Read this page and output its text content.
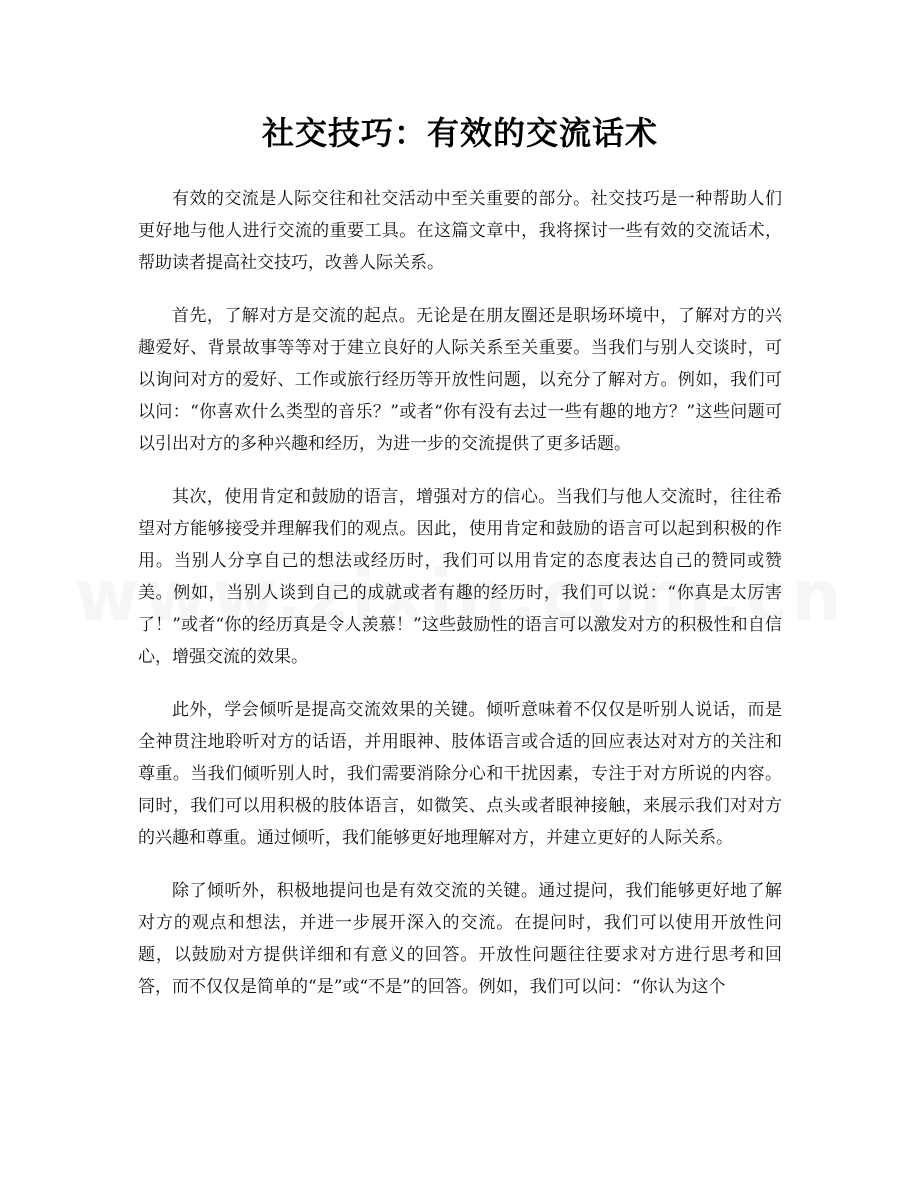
社交技巧：有效的交流话术

有效的交流是人际交往和社交活动中至关重要的部分。社交技巧是一种帮助人们更好地与他人进行交流的重要工具。在这篇文章中，我将探讨一些有效的交流话术，帮助读者提高社交技巧，改善人际关系。

首先，了解对方是交流的起点。无论是在朋友圈还是职场环境中，了解对方的兴趣爱好、背景故事等等对于建立良好的人际关系至关重要。当我们与别人交谈时，可以询问对方的爱好、工作或旅行经历等开放性问题，以充分了解对方。例如，我们可以问：“你喜欢什么类型的音乐？”或者“你有没有去过一些有趣的地方？”这些问题可以引出对方的多种兴趣和经历，为进一步的交流提供了更多话题。

其次，使用肯定和鼓励的语言，增强对方的信心。当我们与他人交流时，往往希望对方能够接受并理解我们的观点。因此，使用肯定和鼓励的语言可以起到积极的作用。当别人分享自己的想法或经历时，我们可以用肯定的态度表达自己的赞同或赞美。例如，当别人谈到自己的成就或者有趣的经历时，我们可以说：“你真是太厉害了！”或者“你的经历真是令人羡慕！”这些鼓励性的语言可以激发对方的积极性和自信心，增强交流的效果。

此外，学会倾听是提高交流效果的关键。倾听意味着不仅仅是听别人说话，而是全神贯注地聆听对方的话语，并用眼神、肢体语言或合适的回应表达对对方的关注和尊重。当我们倾听别人时，我们需要消除分心和干扰因素，专注于对方所说的内容。同时，我们可以用积极的肢体语言，如微笑、点头或者眼神接触，来展示我们对对方的兴趣和尊重。通过倾听，我们能够更好地理解对方，并建立更好的人际关系。

除了倾听外，积极地提问也是有效交流的关键。通过提问，我们能够更好地了解对方的观点和想法，并进一步展开深入的交流。在提问时，我们可以使用开放性问题，以鼓励对方提供详细和有意义的回答。开放性问题往往要求对方进行思考和回答，而不仅仅是简单的“是”或“不是”的回答。例如，我们可以问：“你认为这个
